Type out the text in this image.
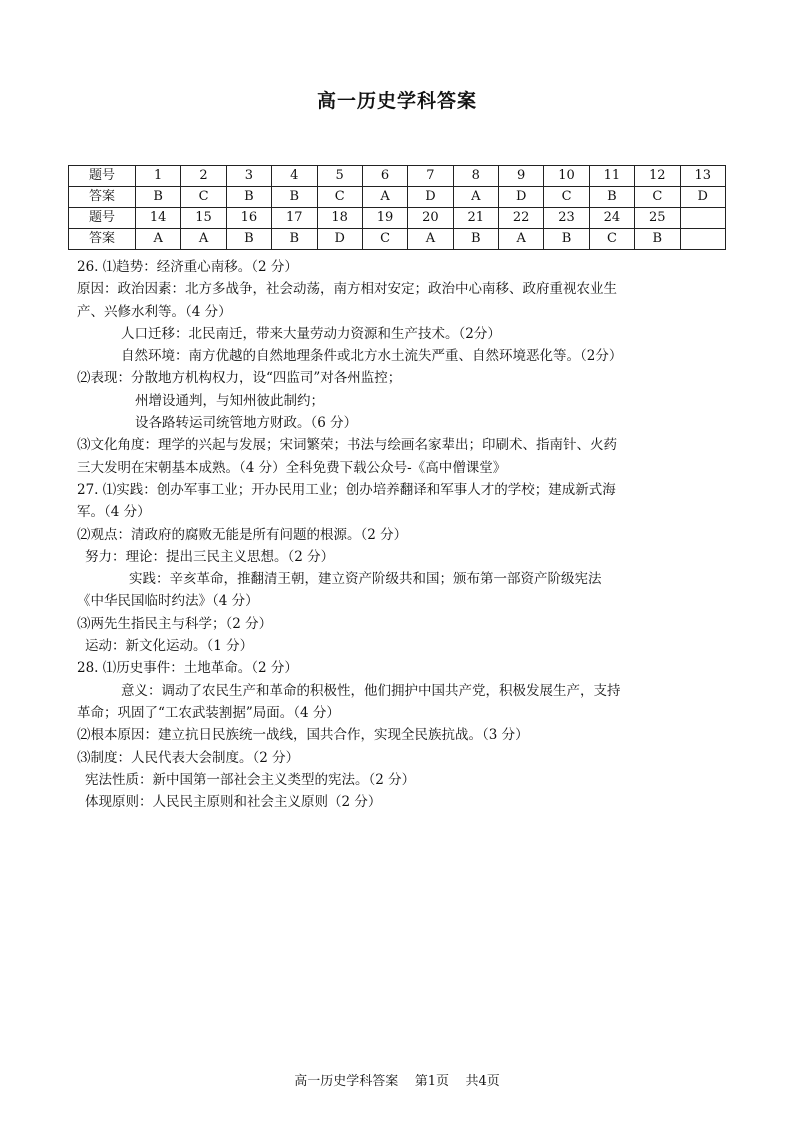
高一历史学科答案
题号	1	2	3	4	5	6	7	8	9	10	11	12	13
答案	B	C	B	B	C	A	D	A	D	C	B	C	D
题号	14	15	16	17	18	19	20	21	22	23	24	25	
答案	A	A	B	B	D	C	A	B	A	B	C	B	
26. ⑴趋势：经济重心南移。（2 分）
原因：政治因素：北方多战争，社会动荡，南方相对安定；政治中心南移、政府重视农业生
产、兴修水利等。（4 分）
人口迁移：北民南迁，带来大量劳动力资源和生产技术。（2分）
自然环境：南方优越的自然地理条件或北方水土流失严重、自然环境恶化等。（2分）
⑵表现：分散地方机构权力，设“四监司”对各州监控；
州增设通判，与知州彼此制约；
设各路转运司统管地方财政。（6 分）
⑶文化角度：理学的兴起与发展；宋词繁荣；书法与绘画名家辈出；印刷术、指南针、火药
三大发明在宋朝基本成熟。（4 分）全科免费下载公众号-《高中僧课堂》
27. ⑴实践：创办军事工业；开办民用工业；创办培养翻译和军事人才的学校；建成新式海
军。（4 分）
⑵观点：清政府的腐败无能是所有问题的根源。（2 分）
努力：理论：提出三民主义思想。（2 分）
实践：辛亥革命，推翻清王朝，建立资产阶级共和国；颁布第一部资产阶级宪法
《中华民国临时约法》（4 分）
⑶两先生指民主与科学；（2 分）
运动：新文化运动。（1 分）
28. ⑴历史事件：土地革命。（2 分）
意义：调动了农民生产和革命的积极性，他们拥护中国共产党，积极发展生产，支持
革命；巩固了“工农武装割据”局面。（4 分）
⑵根本原因：建立抗日民族统一战线，国共合作，实现全民族抗战。（3 分）
⑶制度：人民代表大会制度。（2 分）
宪法性质：新中国第一部社会主义类型的宪法。（2 分）
体现原则：人民民主原则和社会主义原则（2 分）
高一历史学科答案    第1页    共4页
